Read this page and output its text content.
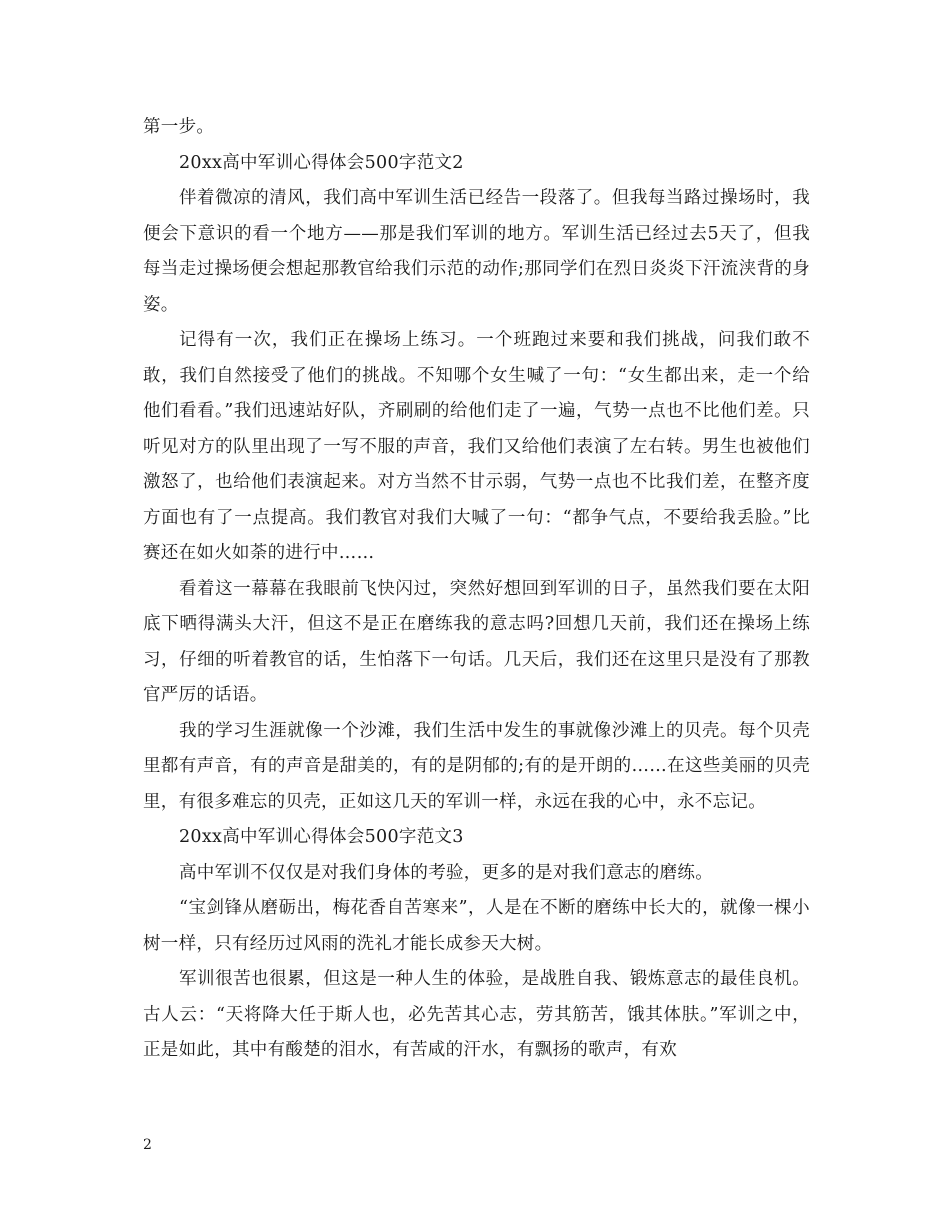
第一步。

20xx高中军训心得体会500字范文2

伴着微凉的清风，我们高中军训生活已经告一段落了。但我每当路过操场时，我便会下意识的看一个地方——那是我们军训的地方。军训生活已经过去5天了，但我每当走过操场便会想起那教官给我们示范的动作;那同学们在烈日炎炎下汗流浃背的身姿。

记得有一次，我们正在操场上练习。一个班跑过来要和我们挑战，问我们敢不敢，我们自然接受了他们的挑战。不知哪个女生喊了一句：“女生都出来，走一个给他们看看。”我们迅速站好队，齐刷刷的给他们走了一遍，气势一点也不比他们差。只听见对方的队里出现了一写不服的声音，我们又给他们表演了左右转。男生也被他们激怒了，也给他们表演起来。对方当然不甘示弱，气势一点也不比我们差，在整齐度方面也有了一点提高。我们教官对我们大喊了一句：“都争气点，不要给我丢脸。”比赛还在如火如荼的进行中……

看着这一幕幕在我眼前飞快闪过，突然好想回到军训的日子，虽然我们要在太阳底下晒得满头大汗，但这不是正在磨练我的意志吗?回想几天前，我们还在操场上练习，仔细的听着教官的话，生怕落下一句话。几天后，我们还在这里只是没有了那教官严厉的话语。

我的学习生涯就像一个沙滩，我们生活中发生的事就像沙滩上的贝壳。每个贝壳里都有声音，有的声音是甜美的，有的是阴郁的;有的是开朗的……在这些美丽的贝壳里，有很多难忘的贝壳，正如这几天的军训一样，永远在我的心中，永不忘记。

20xx高中军训心得体会500字范文3

高中军训不仅仅是对我们身体的考验，更多的是对我们意志的磨练。

“宝剑锋从磨砺出，梅花香自苦寒来”，人是在不断的磨练中长大的，就像一棵小树一样，只有经历过风雨的洗礼才能长成参天大树。

军训很苦也很累，但这是一种人生的体验，是战胜自我、锻炼意志的最佳良机。古人云：“天将降大任于斯人也，必先苦其心志，劳其筋苦，饿其体肤。”军训之中，正是如此，其中有酸楚的泪水，有苦咸的汗水，有飘扬的歌声，有欢

2
